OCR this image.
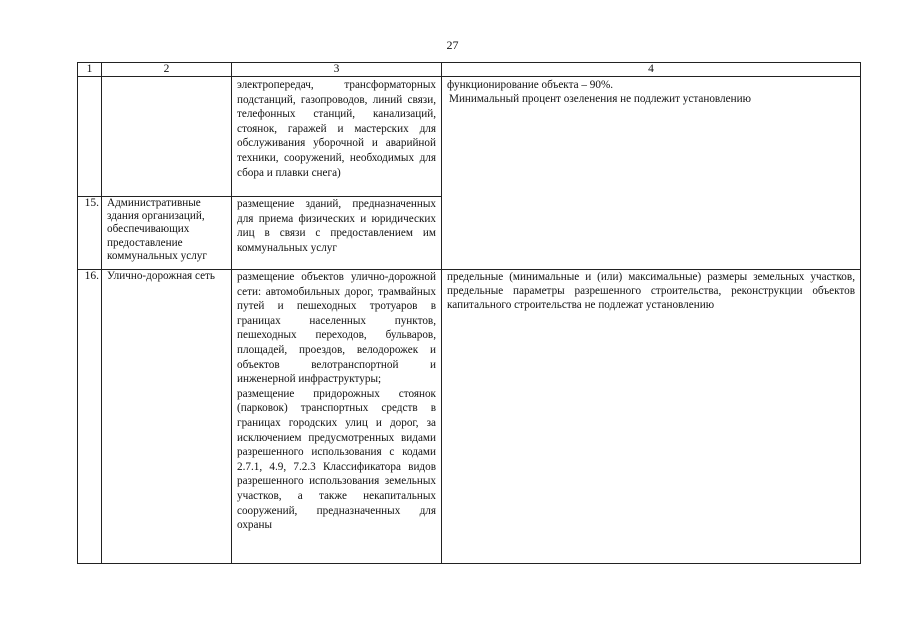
27
1	2	3	4

		электропередач, трансформаторных подстанций, газопроводов, линий связи, телефонных станций, канализаций, стоянок, гаражей и мастерских для обслуживания уборочной и аварийной техники, сооружений, необходимых для сбора и плавки снега)	функционирование объекта – 90%.

Минимальный процент озеленения не подлежит установлению

15.	Административные здания организаций, обеспечивающих предоставление коммунальных услуг	размещение зданий, предназначенных для приема физических и юридических лиц в связи с предоставлением им коммунальных услуг	

16.	Улично-дорожная сеть	размещение объектов улично-дорожной сети: автомобильных дорог, трамвайных путей и пешеходных тротуаров в границах населенных пунктов, пешеходных переходов, бульваров, площадей, проездов, велодорожек и объектов велотранспортной и инженерной инфраструктуры;

размещение придорожных стоянок (парковок) транспортных средств в границах городских улиц и дорог, за исключением предусмотренных видами разрешенного использования с кодами 2.7.1, 4.9, 7.2.3 Классификатора видов разрешенного использования земельных участков, а также некапитальных сооружений, предназначенных для охраны	предельные (минимальные и (или) максимальные) размеры земельных участков, предельные параметры разрешенного строительства, реконструкции объектов капитального строительства не подлежат установлению
